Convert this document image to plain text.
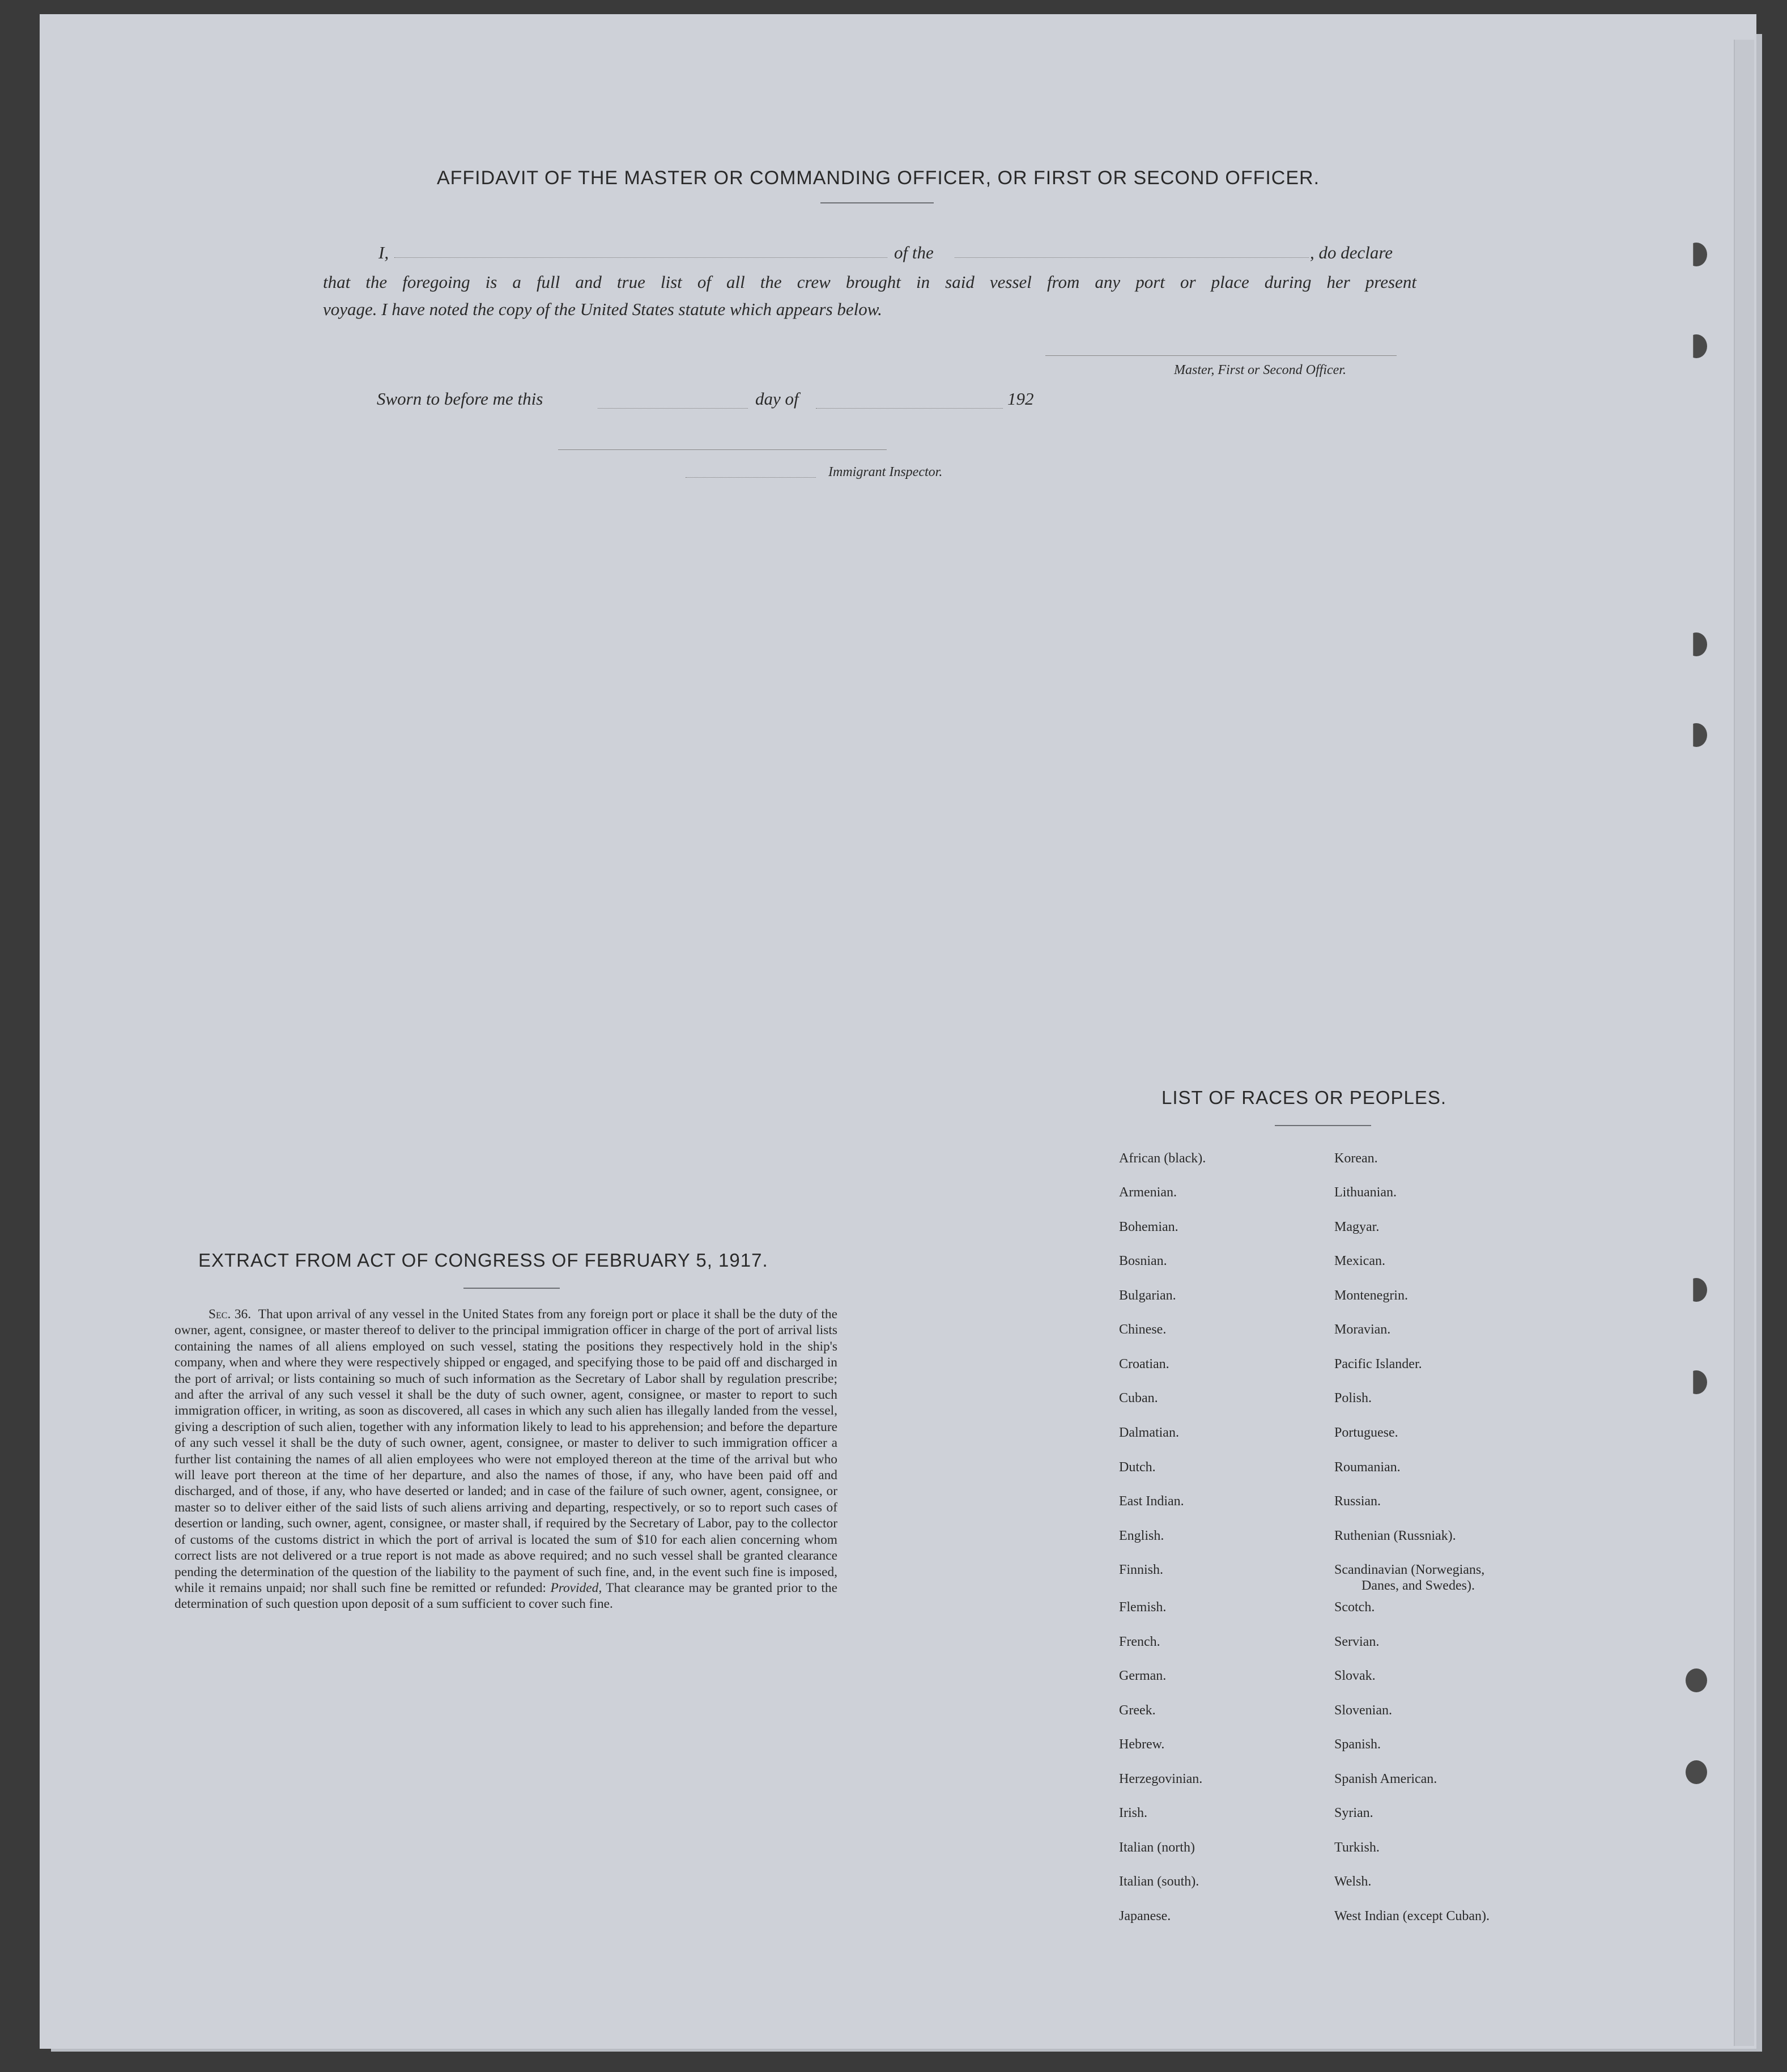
AFFIDAVIT OF THE MASTER OR COMMANDING OFFICER, OR FIRST OR SECOND OFFICER.
I,	of the	, do declare
that the foregoing is a full and true list of all the crew brought in said vessel from any port or place during her present
voyage. I have noted the copy of the United States statute which appears below.
Master, First or Second Officer.
Sworn to before me this	day of	192
Immigrant Inspector.
EXTRACT FROM ACT OF CONGRESS OF FEBRUARY 5, 1917.
Sec. 36. That upon arrival of any vessel in the United States from any foreign port or place it shall be the duty of the owner, agent, consignee, or master thereof to deliver to the principal immigration officer in charge of the port of arrival lists containing the names of all aliens employed on such vessel, stating the positions they respectively hold in the ship's company, when and where they were respectively shipped or engaged, and specifying those to be paid off and discharged in the port of arrival; or lists containing so much of such information as the Secretary of Labor shall by regulation prescribe; and after the arrival of any such vessel it shall be the duty of such owner, agent, consignee, or master to report to such immigration officer, in writing, as soon as discovered, all cases in which any such alien has illegally landed from the vessel, giving a description of such alien, together with any information likely to lead to his apprehension; and before the departure of any such vessel it shall be the duty of such owner, agent, consignee, or master to deliver to such immigration officer a further list containing the names of all alien employees who were not employed thereon at the time of the arrival but who will leave port thereon at the time of her departure, and also the names of those, if any, who have been paid off and discharged, and of those, if any, who have deserted or landed; and in case of the failure of such owner, agent, consignee, or master so to deliver either of the said lists of such aliens arriving and departing, respectively, or so to report such cases of desertion or landing, such owner, agent, consignee, or master shall, if required by the Secretary of Labor, pay to the collector of customs of the customs district in which the port of arrival is located the sum of $10 for each alien concerning whom correct lists are not delivered or a true report is not made as above required; and no such vessel shall be granted clearance pending the determination of the question of the liability to the payment of such fine, and, in the event such fine is imposed, while it remains unpaid; nor shall such fine be remitted or refunded: Provided, That clearance may be granted prior to the determination of such question upon deposit of a sum sufficient to cover such fine.
LIST OF RACES OR PEOPLES.
African (black).
Armenian.
Bohemian.
Bosnian.
Bulgarian.
Chinese.
Croatian.
Cuban.
Dalmatian.
Dutch.
East Indian.
English.
Finnish.
Flemish.
French.
German.
Greek.
Hebrew.
Herzegovinian.
Irish.
Italian (north)
Italian (south).
Japanese.
Korean.
Lithuanian.
Magyar.
Mexican.
Montenegrin.
Moravian.
Pacific Islander.
Polish.
Portuguese.
Roumanian.
Russian.
Ruthenian (Russniak).
Scandinavian (Norwegians,
Danes, and Swedes).
Scotch.
Servian.
Slovak.
Slovenian.
Spanish.
Spanish American.
Syrian.
Turkish.
Welsh.
West Indian (except Cuban).
